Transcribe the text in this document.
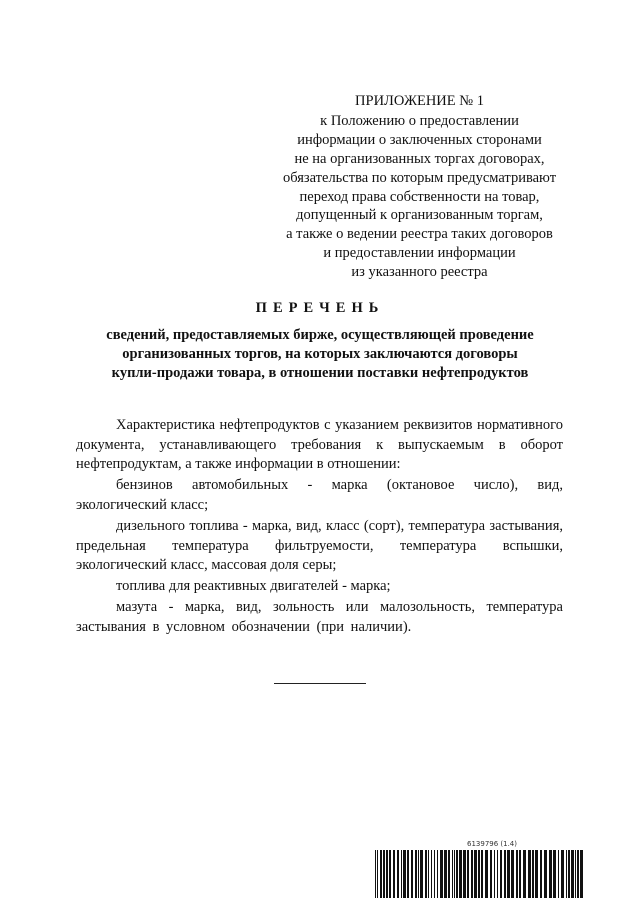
ПРИЛОЖЕНИЕ № 1
к Положению о предоставлении
информации о заключенных сторонами
не на организованных торгах договорах,
обязательства по которым предусматривают
переход права собственности на товар,
допущенный к организованным торгам,
а также о ведении реестра таких договоров
и предоставлении информации
из указанного реестра
ПЕРЕЧЕНЬ
сведений, предоставляемых бирже, осуществляющей проведение
организованных торгов, на которых заключаются договоры
купли-продажи товара, в отношении поставки нефтепродуктов

Характеристика нефтепродуктов с указанием реквизитов нормативного документа, устанавливающего требования к выпускаемым в оборот нефтепродуктам, а также информации в отношении:

бензинов автомобильных - марка (октановое число), вид, экологический класс;

дизельного топлива - марка, вид, класс (сорт), температура застывания, предельная температура фильтруемости, температура вспышки, экологический класс, массовая доля серы;

топлива для реактивных двигателей - марка;

мазута - марка, вид, зольность или малозольность, температура застывания в условном обозначении (при наличии).

6139796 (1.4)
